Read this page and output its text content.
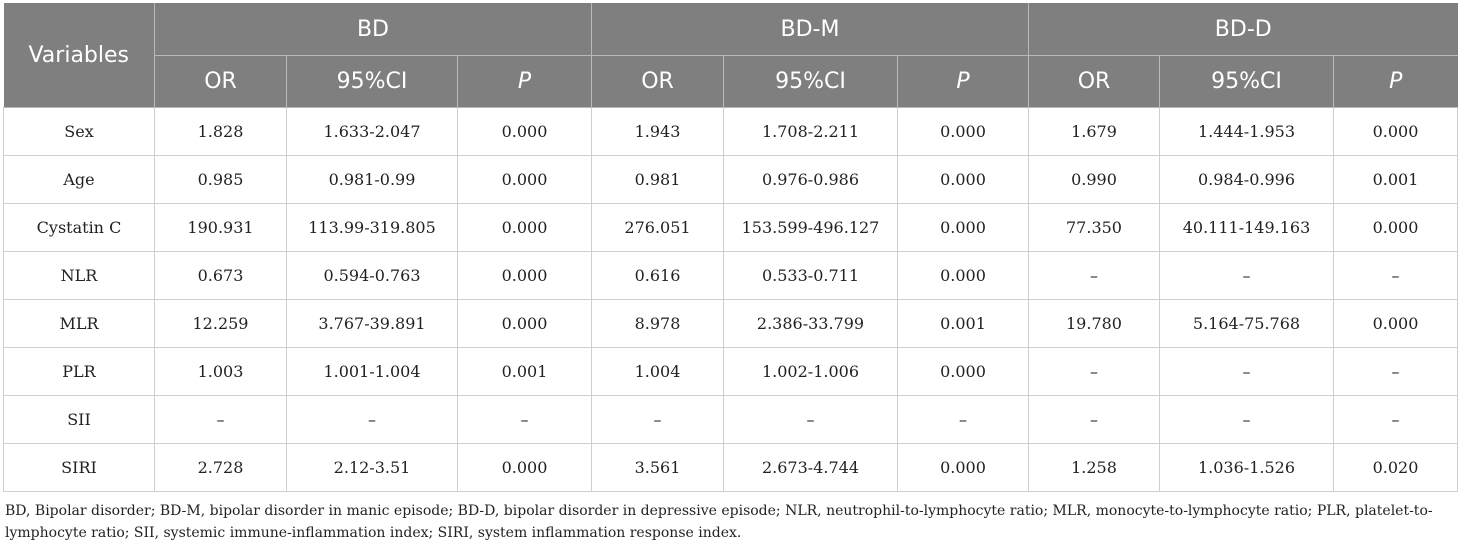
Variables	BD			BD-M			BD-D		
	OR	95%CI	P	OR	95%CI	P	OR	95%CI	P
Sex	1.828	1.633-2.047	0.000	1.943	1.708-2.211	0.000	1.679	1.444-1.953	0.000
Age	0.985	0.981-0.99	0.000	0.981	0.976-0.986	0.000	0.990	0.984-0.996	0.001
Cystatin C	190.931	113.99-319.805	0.000	276.051	153.599-496.127	0.000	77.350	40.111-149.163	0.000
NLR	0.673	0.594-0.763	0.000	0.616	0.533-0.711	0.000	–	–	–
MLR	12.259	3.767-39.891	0.000	8.978	2.386-33.799	0.001	19.780	5.164-75.768	0.000
PLR	1.003	1.001-1.004	0.001	1.004	1.002-1.006	0.000	–	–	–
SII	–	–	–	–	–	–	–	–	–
SIRI	2.728	2.12-3.51	0.000	3.561	2.673-4.744	0.000	1.258	1.036-1.526	0.020
BD, Bipolar disorder; BD-M, bipolar disorder in manic episode; BD-D, bipolar disorder in depressive episode; NLR, neutrophil-to-lymphocyte ratio; MLR, monocyte-to-lymphocyte ratio; PLR, platelet-to-lymphocyte ratio; SII, systemic immune-inflammation index; SIRI, system inflammation response index.
